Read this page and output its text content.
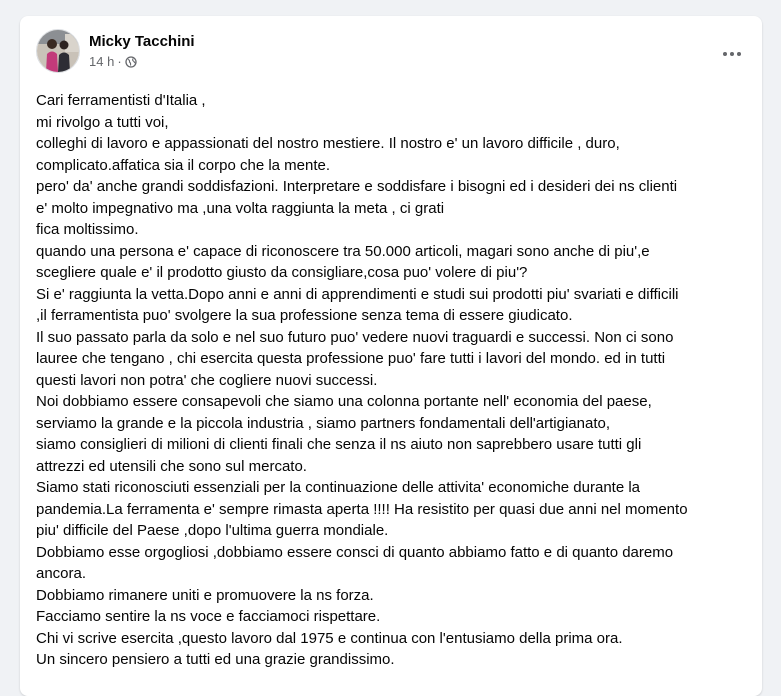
Micky Tacchini
14 h ·
Cari ferramentisti d'Italia ,
mi rivolgo a tutti voi,
colleghi di lavoro e appassionati del nostro mestiere. Il nostro e' un lavoro difficile , duro,
complicato.affatica sia il corpo che la mente.
pero' da' anche grandi soddisfazioni. Interpretare e soddisfare i bisogni ed i desideri dei ns clienti
e' molto impegnativo ma ,una volta raggiunta la meta , ci grati
fica moltissimo.
quando una persona e' capace di riconoscere tra 50.000 articoli, magari sono anche di piu',e
scegliere quale e' il prodotto giusto da consigliare,cosa puo' volere di piu'?
Si e' raggiunta la vetta.Dopo anni e anni di apprendimenti e studi sui prodotti piu' svariati e difficili
,il ferramentista puo' svolgere la sua professione senza tema di essere giudicato.
Il suo passato parla da solo e nel suo futuro puo' vedere nuovi traguardi e successi. Non ci sono
lauree che tengano , chi esercita questa professione puo' fare tutti i lavori del mondo. ed in tutti
questi lavori non potra' che cogliere nuovi successi.
Noi dobbiamo essere consapevoli che siamo una colonna portante nell' economia del paese,
serviamo la grande e la piccola industria , siamo partners fondamentali dell'artigianato,
siamo consiglieri di milioni di clienti finali che senza il ns aiuto non saprebbero usare tutti gli
attrezzi ed utensili che sono sul mercato.
Siamo stati riconosciuti essenziali per la continuazione delle attivita' economiche durante la
pandemia.La ferramenta e' sempre rimasta aperta !!!! Ha resistito per quasi due anni nel momento
piu' difficile del Paese ,dopo l'ultima guerra mondiale.
Dobbiamo esse orgogliosi ,dobbiamo essere consci di quanto abbiamo fatto e di quanto daremo
ancora.
Dobbiamo rimanere uniti e promuovere la ns forza.
Facciamo sentire la ns voce e facciamoci rispettare.
Chi vi scrive esercita ,questo lavoro dal 1975 e continua con l'entusiamo della prima ora.
Un sincero pensiero a tutti ed una grazie grandissimo.
